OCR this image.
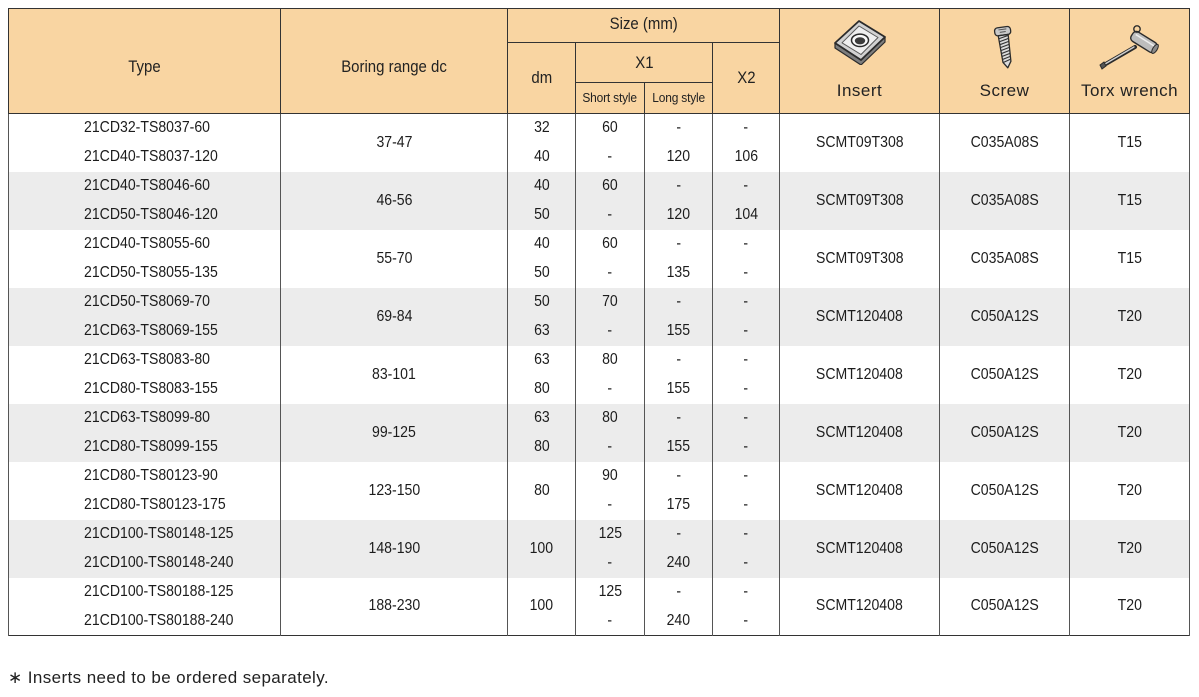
Type	Boring range dc	Size (mm)				Insert	Screw	Torx wrench

		dm	X1		X2			
			Short style	Long style				
21CD32-TS8037-60	37-47	32	60	-	-	SCMT09T308	C035A08S	T15
21CD40-TS8037-120		40	-	120	106			
21CD40-TS8046-60	46-56	40	60	-	-	SCMT09T308	C035A08S	T15
21CD50-TS8046-120		50	-	120	104			
21CD40-TS8055-60	55-70	40	60	-	-	SCMT09T308	C035A08S	T15
21CD50-TS8055-135		50	-	135	-			
21CD50-TS8069-70	69-84	50	70	-	-	SCMT120408	C050A12S	T20
21CD63-TS8069-155		63	-	155	-			
21CD63-TS8083-80	83-101	63	80	-	-	SCMT120408	C050A12S	T20
21CD80-TS8083-155		80	-	155	-			
21CD63-TS8099-80	99-125	63	80	-	-	SCMT120408	C050A12S	T20
21CD80-TS8099-155		80	-	155	-			
21CD80-TS80123-90	123-150	80	90	-	-	SCMT120408	C050A12S	T20
21CD80-TS80123-175			-	175	-			
21CD100-TS80148-125	148-190	100	125	-	-	SCMT120408	C050A12S	T20
21CD100-TS80148-240			-	240	-			
21CD100-TS80188-125	188-230	100	125	-	-	SCMT120408	C050A12S	T20
21CD100-TS80188-240			-	240	-			
∗ Inserts need to be ordered separately.
